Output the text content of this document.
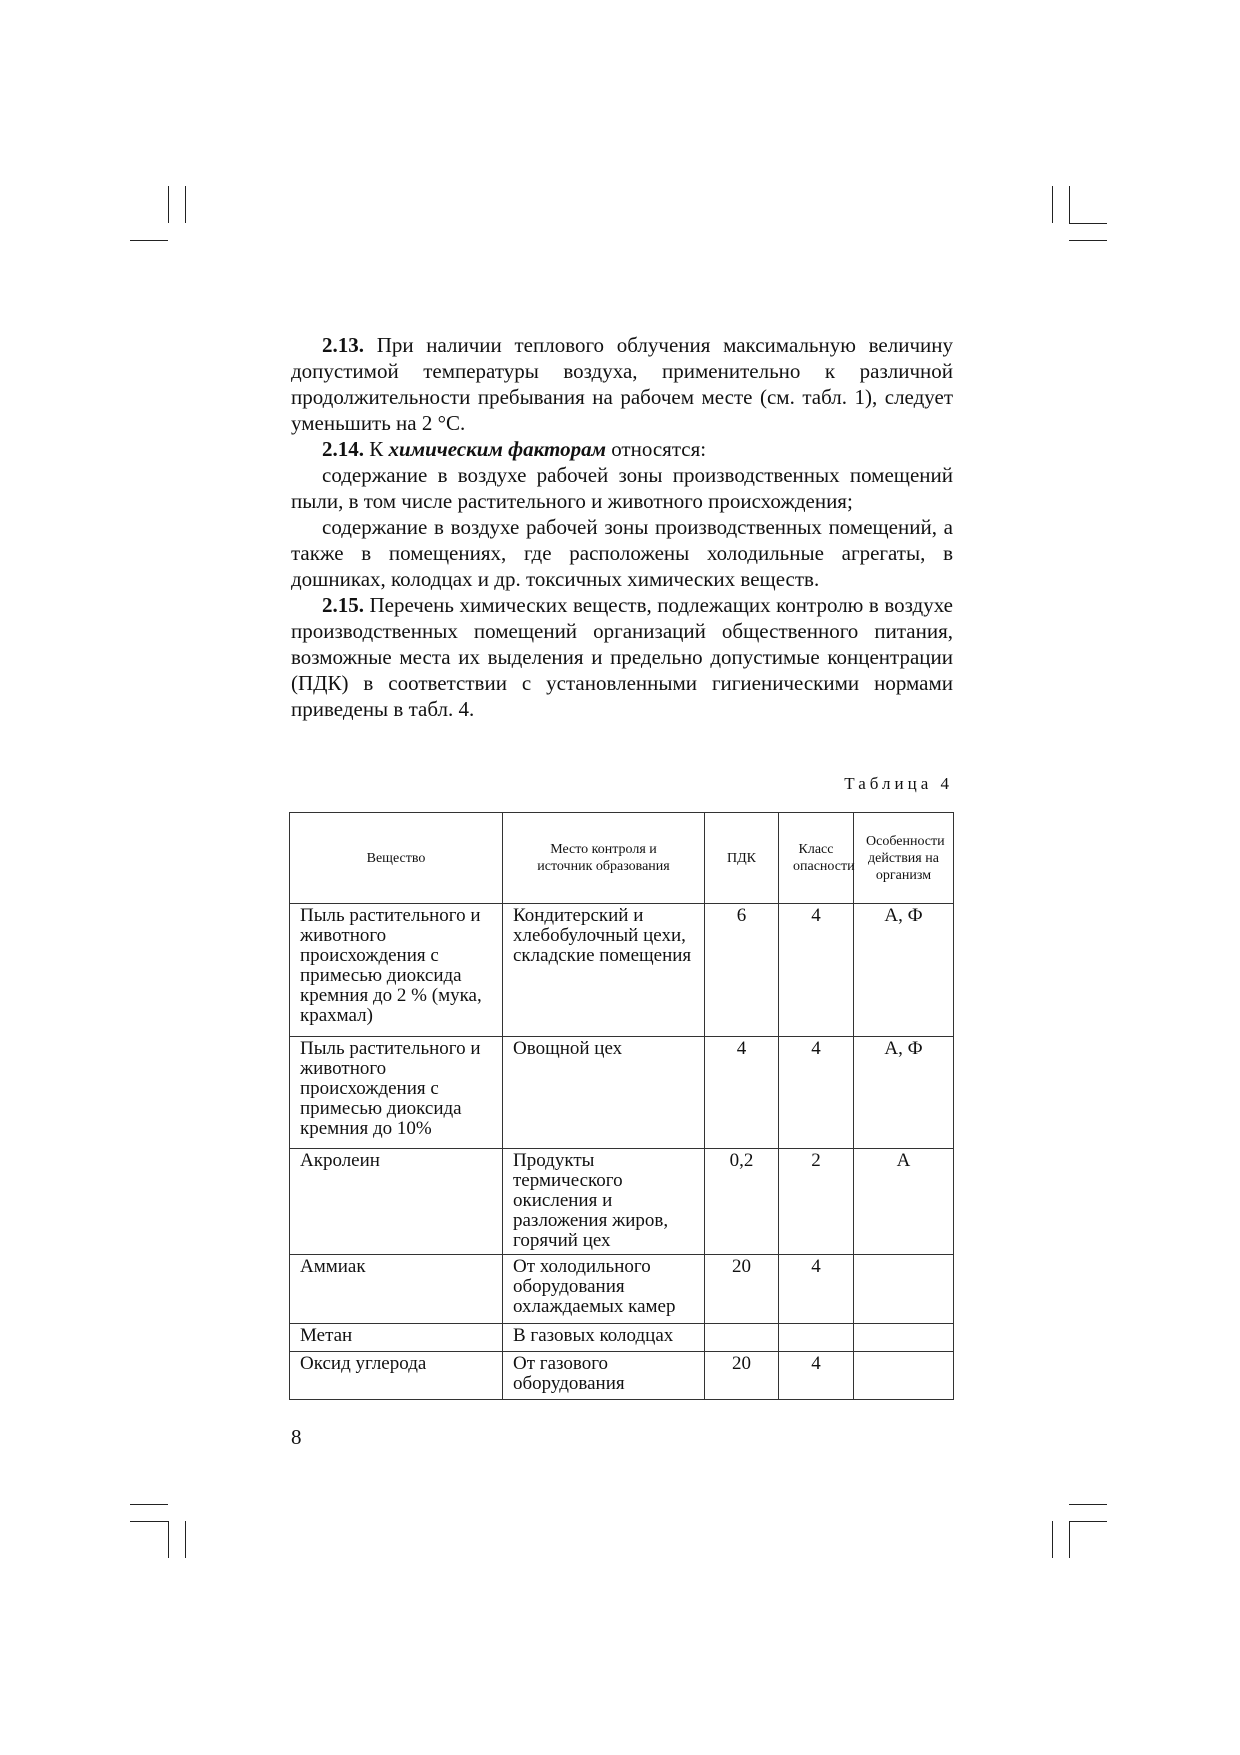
2.13. При наличии теплового облучения максимальную величину допустимой температуры воздуха, применительно к различной продолжительности пребывания на рабочем месте (см. табл. 1), следует уменьшить на 2 °С.

2.14. К химическим факторам относятся:

содержание в воздухе рабочей зоны производственных помещений пыли, в том числе растительного и животного происхождения;

содержание в воздухе рабочей зоны производственных помещений, а также в помещениях, где расположены холодильные агрегаты, в дошниках, колодцах и др. токсичных химических веществ.

2.15. Перечень химических веществ, подлежащих контролю в воздухе производственных помещений организаций общественного питания, возможные места их выделения и предельно допустимые концентрации (ПДК) в соответствии с установленными гигиеническими нормами приведены в табл. 4.

Таблица 4
Вещество	Место контроля и источник образования	ПДК	Класс опасности	Особенности действия на организм

Пыль растительного и животного происхождения с примесью диоксида кремния до 2 % (мука, крахмал)	Кондитерский и хлебобулочный цехи, складские помещения	6	4	А, Ф
Пыль растительного и животного происхождения с примесью диоксида кремния до 10%	Овощной цех	4	4	А, Ф
Акролеин	Продукты термического окисления и разложения жиров, горячий цех	0,2	2	А
Аммиак	От холодильного оборудования охлаждаемых камер	20	4	
Метан	В газовых колодцах			
Оксид углерода	От газового оборудования	20	4	
8
